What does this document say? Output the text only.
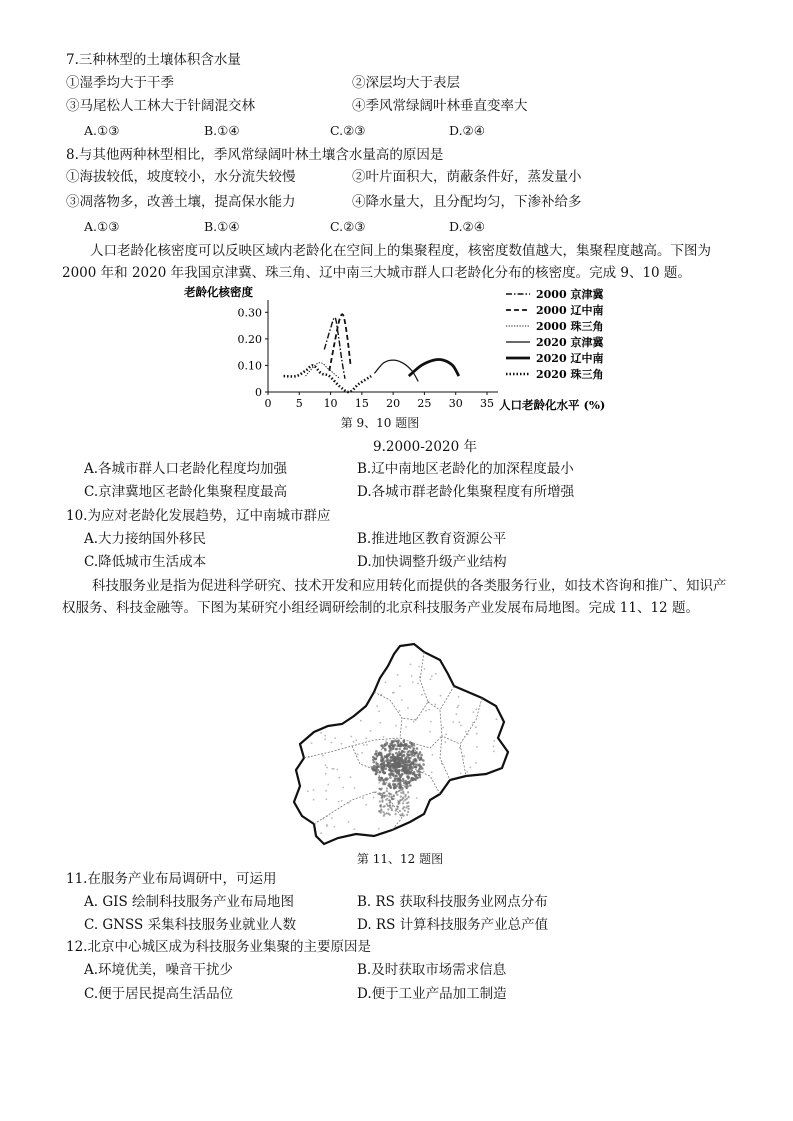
7.三种林型的土壤体积含水量
①湿季均大于干季	②深层均大于表层
③马尾松人工林大于针阔混交林	④季风常绿阔叶林垂直变率大
A.①③	B.①④	C.②③	D.②④
8.与其他两种林型相比，季风常绿阔叶林土壤含水量高的原因是
①海拔较低，坡度较小，水分流失较慢	②叶片面积大，荫蔽条件好，蒸发量小
③凋落物多，改善土壤，提高保水能力	④降水量大，且分配均匀，下渗补给多
A.①③	B.①④	C.②③	D.②④
人口老龄化核密度可以反映区域内老龄化在空间上的集聚程度，核密度数值越大，集聚程度越高。下图为 2000 年和 2020 年我国京津冀、珠三角、辽中南三大城市群人口老龄化分布的核密度。完成 9、10 题。
老龄化核密度
人口老龄化水平 (%)
0 5 10 15 20 25 30 35
0
0.10
0.20
0.30
2000 京津冀
2000 辽中南
2000 珠三角
2020 京津冀
2020 辽中南
2020 珠三角
第 9、10 题图
9.2000-2020 年
A.各城市群人口老龄化程度均加强	B.辽中南地区老龄化的加深程度最小
C.京津冀地区老龄化集聚程度最高	D.各城市群老龄化集聚程度有所增强
10.为应对老龄化发展趋势，辽中南城市群应
A.大力接纳国外移民	B.推进地区教育资源公平
C.降低城市生活成本	D.加快调整升级产业结构
科技服务业是指为促进科学研究、技术开发和应用转化而提供的各类服务行业，如技术咨询和推广、知识产权服务、科技金融等。下图为某研究小组经调研绘制的北京科技服务产业发展布局地图。完成 11、12 题。
第 11、12 题图
11.在服务产业布局调研中，可运用
A. GIS 绘制科技服务产业布局地图	B. RS 获取科技服务业网点分布
C. GNSS 采集科技服务业就业人数	D. RS 计算科技服务产业总产值
12.北京中心城区成为科技服务业集聚的主要原因是
A.环境优美，噪音干扰少	B.及时获取市场需求信息
C.便于居民提高生活品位	D.便于工业产品加工制造
